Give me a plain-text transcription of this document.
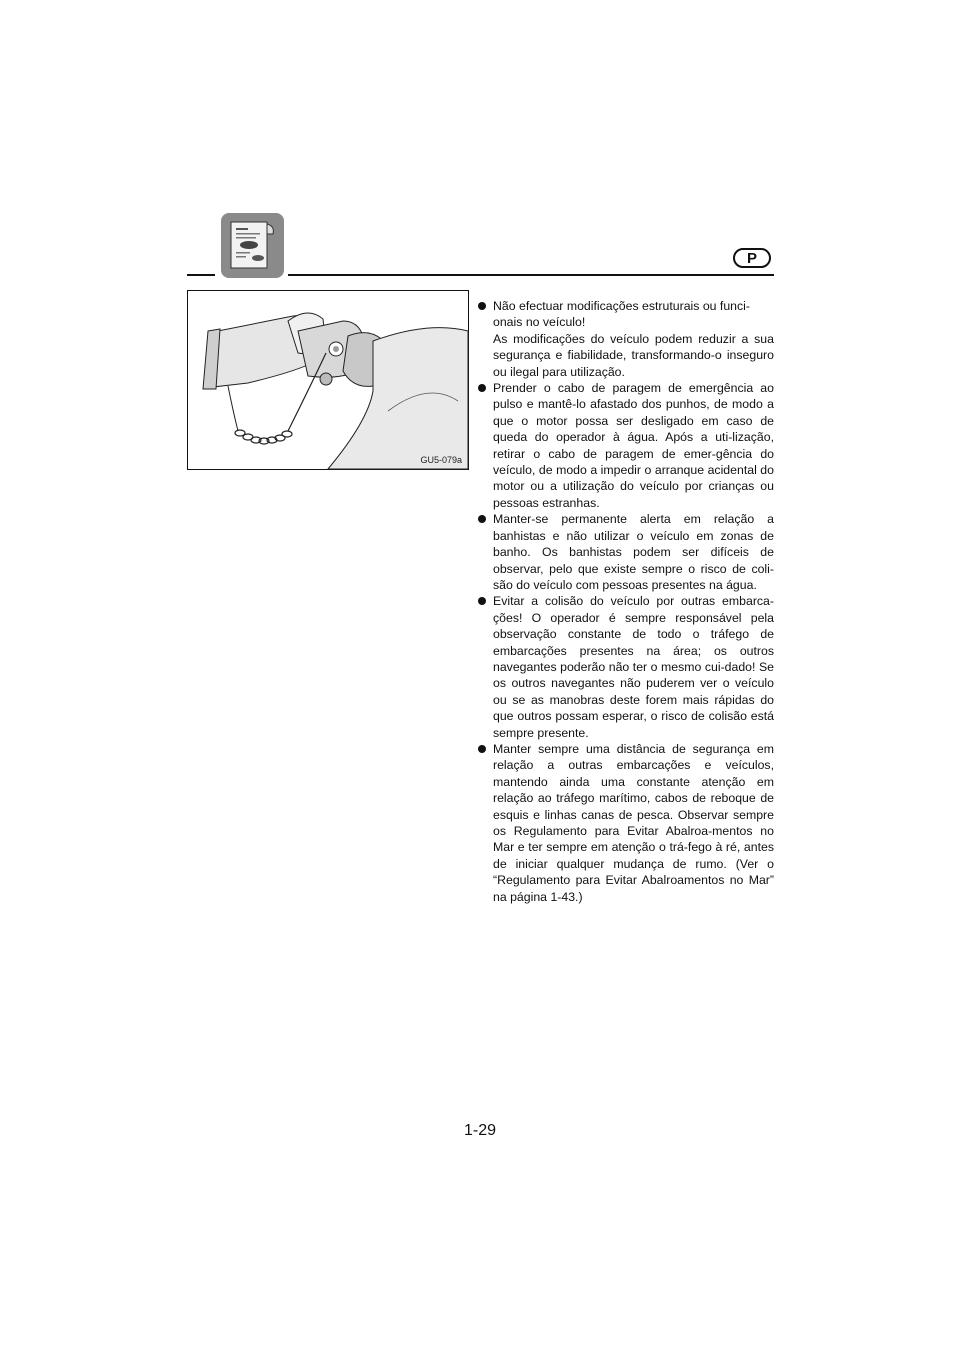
P
GU5-079a
Não efectuar modificações estruturais ou funci-
onais no veículo!
As modificações do veículo podem reduzir a sua segurança e fiabilidade, transformando-o inseguro ou ilegal para utilização.
Prender o cabo de paragem de emergência ao pulso e mantê-lo afastado dos punhos, de modo a que o motor possa ser desligado em caso de queda do operador à água. Após a uti-lização, retirar o cabo de paragem de emer-gência do veículo, de modo a impedir o arranque acidental do motor ou a utilização do veículo por crianças ou pessoas estranhas.
Manter-se permanente alerta em relação a banhistas e não utilizar o veículo em zonas de banho. Os banhistas podem ser difíceis de observar, pelo que existe sempre o risco de coli-são do veículo com pessoas presentes na água.
Evitar a colisão do veículo por outras embarca-ções! O operador é sempre responsável pela observação constante de todo o tráfego de embarcações presentes na área; os outros navegantes poderão não ter o mesmo cui-dado! Se os outros navegantes não puderem ver o veículo ou se as manobras deste forem mais rápidas do que outros possam esperar, o risco de colisão está sempre presente.
Manter sempre uma distância de segurança em relação a outras embarcações e veículos, mantendo ainda uma constante atenção em relação ao tráfego marítimo, cabos de reboque de esquis e linhas canas de pesca. Observar sempre os Regulamento para Evitar Abalroa-mentos no Mar e ter sempre em atenção o trá-fego à ré, antes de iniciar qualquer mudança de rumo. (Ver o “Regulamento para Evitar Abalroamentos no Mar” na página 1-43.)
1-29
